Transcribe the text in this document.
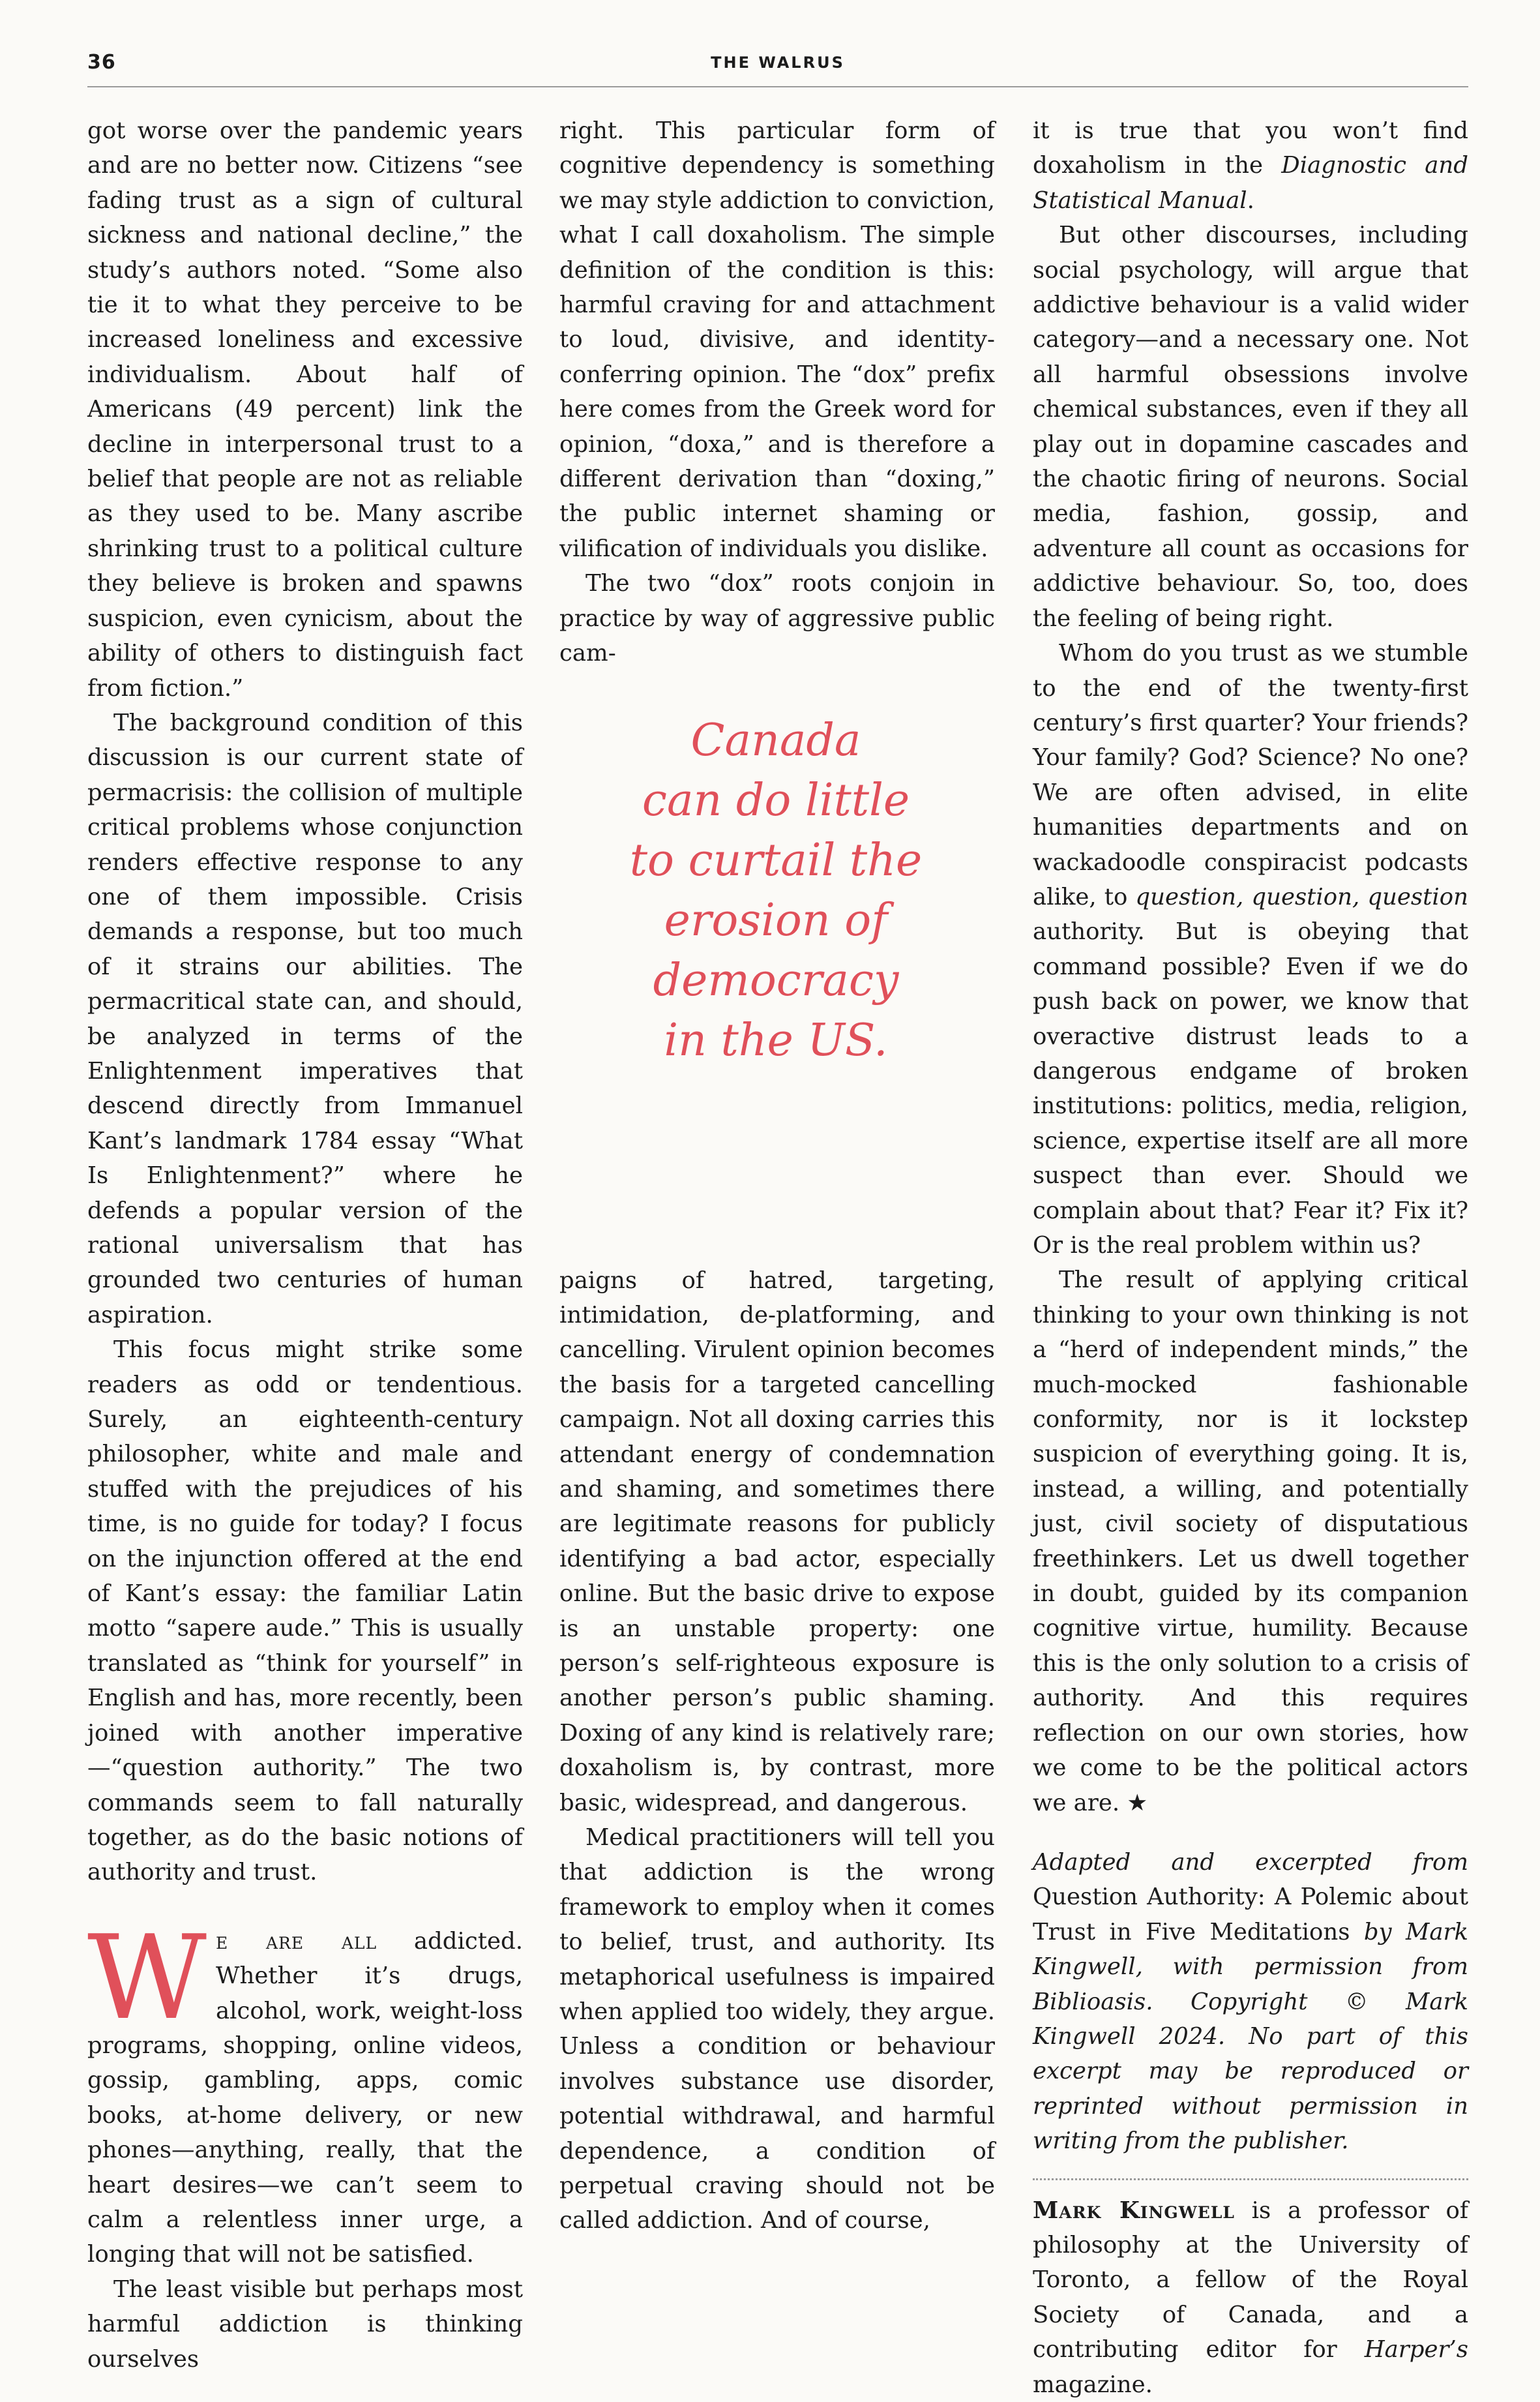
36	THE WALRUS

got worse over the pandemic years and are no better now. Citizens “see fading trust as a sign of cultural sickness and national decline,” the study’s authors noted. “Some also tie it to what they perceive to be increased loneliness and excessive individualism. About half of Americans (49 percent) link the decline in interpersonal trust to a belief that people are not as reliable as they used to be. Many ascribe shrinking trust to a political culture they believe is broken and spawns suspicion, even cynicism, about the ability of others to distinguish fact from fiction.”

The background condition of this discussion is our current state of permacrisis: the collision of multiple critical problems whose conjunction renders effective response to any one of them impossible. Crisis demands a response, but too much of it strains our abilities. The permacritical state can, and should, be analyzed in terms of the Enlightenment imperatives that descend directly from Immanuel Kant’s landmark 1784 essay “What Is Enlightenment?” where he defends a popular version of the rational universalism that has grounded two centuries of human aspiration.

This focus might strike some readers as odd or tendentious. Surely, an eighteenth-century philosopher, white and male and stuffed with the prejudices of his time, is no guide for today? I focus on the injunction offered at the end of Kant’s essay: the familiar Latin motto “sapere aude.” This is usually translated as “think for yourself” in English and has, more recently, been joined with another imperative—“question authority.” The two commands seem to fall naturally together, as do the basic notions of authority and trust.

We are all addicted. Whether it’s drugs, alcohol, work, weight-loss programs, shopping, online videos, gossip, gambling, apps, comic books, at-home delivery, or new phones—anything, really, that the heart desires—we can’t seem to calm a relentless inner urge, a longing that will not be satisfied.

The least visible but perhaps most harmful addiction is thinking ourselves

right. This particular form of cognitive dependency is something we may style addiction to conviction, what I call doxaholism. The simple definition of the condition is this: harmful craving for and attachment to loud, divisive, and identity-conferring opinion. The “dox” prefix here comes from the Greek word for opinion, “doxa,” and is therefore a different derivation than “doxing,” the public internet shaming or vilification of individuals you dislike.

The two “dox” roots conjoin in practice by way of aggressive public cam-

paigns of hatred, targeting, intimidation, de-platforming, and cancelling. Virulent opinion becomes the basis for a targeted cancelling campaign. Not all doxing carries this attendant energy of condemnation and shaming, and sometimes there are legitimate reasons for publicly identifying a bad actor, especially online. But the basic drive to expose is an unstable property: one person’s self-righteous exposure is another person’s public shaming. Doxing of any kind is relatively rare; doxaholism is, by contrast, more basic, widespread, and dangerous.

Medical practitioners will tell you that addiction is the wrong framework to employ when it comes to belief, trust, and authority. Its metaphorical usefulness is impaired when applied too widely, they argue. Unless a condition or behaviour involves substance use disorder, potential withdrawal, and harmful dependence, a condition of perpetual craving should not be called addiction. And of course,

Canada
can do little
to curtail the
erosion of
democracy
in the US.

it is true that you won’t find doxaholism in the Diagnostic and Statistical Manual.

But other discourses, including social psychology, will argue that addictive behaviour is a valid wider category—and a necessary one. Not all harmful obsessions involve chemical substances, even if they all play out in dopamine cascades and the chaotic firing of neurons. Social media, fashion, gossip, and adventure all count as occasions for addictive behaviour. So, too, does the feeling of being right.

Whom do you trust as we stumble to the end of the twenty-first century’s first quarter? Your friends? Your family? God? Science? No one? We are often advised, in elite humanities departments and on wackadoodle conspiracist podcasts alike, to question, question, question authority. But is obeying that command possible? Even if we do push back on power, we know that overactive distrust leads to a dangerous endgame of broken institutions: politics, media, religion, science, expertise itself are all more suspect than ever. Should we complain about that? Fear it? Fix it? Or is the real problem within us?

The result of applying critical thinking to your own thinking is not a “herd of independent minds,” the much-mocked fashionable conformity, nor is it lockstep suspicion of everything going. It is, instead, a willing, and potentially just, civil society of disputatious freethinkers. Let us dwell together in doubt, guided by its companion cognitive virtue, humility. Because this is the only solution to a crisis of authority. And this requires reflection on our own stories, how we come to be the political actors we are. ★

Adapted and excerpted from Question Authority: A Polemic about Trust in Five Meditations by Mark Kingwell, with permission from Biblioasis. Copyright © Mark Kingwell 2024. No part of this excerpt may be reproduced or reprinted without permission in writing from the publisher.
Mark Kingwell is a professor of philosophy at the University of Toronto, a fellow of the Royal Society of Canada, and a contributing editor for Harper’s magazine.
